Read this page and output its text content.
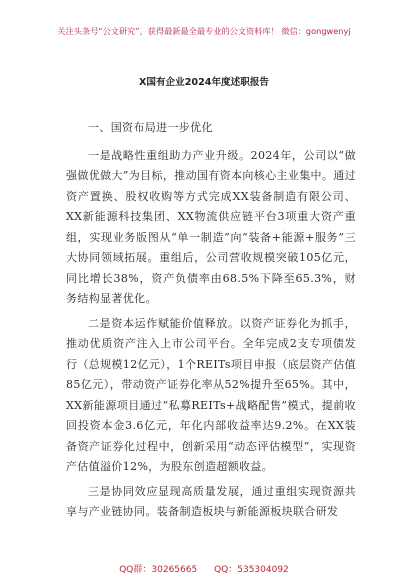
关注头条号“公文研究”，获得最新最全最专业的公文资料库！ 微信：gongwenyj
X国有企业2024年度述职报告

一、国资布局进一步优化

一是战略性重组助力产业升级。2024年，公司以“做强做优做大”为目标，推动国有资本向核心主业集中。通过资产置换、股权收购等方式完成XX装备制造有限公司、XX新能源科技集团、XX物流供应链平台3项重大资产重组，实现业务版图从“单一制造”向“装备+能源+服务”三大协同领域拓展。重组后，公司营收规模突破105亿元，同比增长38%，资产负债率由68.5%下降至65.3%，财务结构显著优化。

二是资本运作赋能价值释放。以资产证券化为抓手，推动优质资产注入上市公司平台。全年完成2支专项债发行（总规模12亿元），1个REITs项目申报（底层资产估值85亿元），带动资产证券化率从52%提升至65%。其中，XX新能源项目通过“私募REITs+战略配售”模式，提前收回投资本金3.6亿元，年化内部收益率达9.2%。在XX装备资产证券化过程中，创新采用“动态评估模型”，实现资产估值溢价12%，为股东创造超额收益。

三是协同效应显现高质量发展，通过重组实现资源共享与产业链协同。装备制造板块与新能源板块联合研发

QQ群：30265665 QQ：535304092
